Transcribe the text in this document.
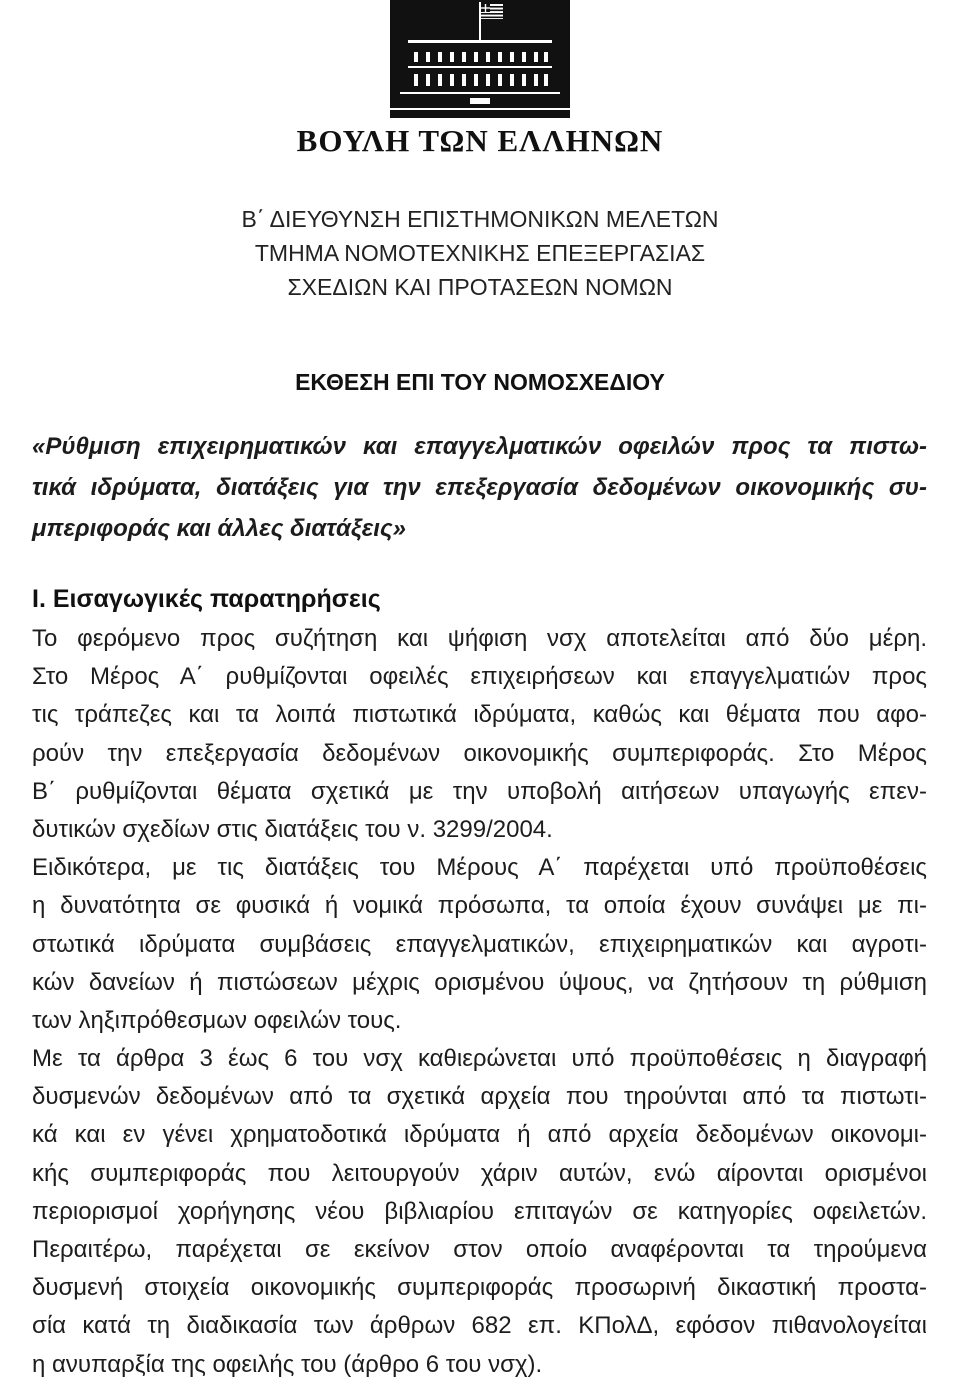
ΒΟΥΛΗ ΤΩΝ ΕΛΛΗΝΩΝ

Β΄ ΔΙΕΥΘΥΝΣΗ ΕΠΙΣΤΗΜΟΝΙΚΩΝ ΜΕΛΕΤΩΝ

ΤΜΗΜΑ ΝΟΜΟΤΕΧΝΙΚΗΣ ΕΠΕΞΕΡΓΑΣΙΑΣ

ΣΧΕΔΙΩΝ ΚΑΙ ΠΡΟΤΑΣΕΩΝ ΝΟΜΩΝ

ΕΚΘΕΣΗ ΕΠΙ ΤΟΥ ΝΟΜΟΣΧΕΔΙΟΥ
«Ρύθμιση επιχειρηματικών και επαγγελματικών οφειλών προς τα πιστω-
τικά ιδρύματα, διατάξεις για την επεξεργασία δεδομένων οικονομικής συ-
μπεριφοράς και άλλες διατάξεις»
Ι. Εισαγωγικές παρατηρήσεις
Το φερόμενο προς συζήτηση και ψήφιση νσχ αποτελείται από δύο μέρη.
Στο Μέρος Α΄ ρυθμίζονται οφειλές επιχειρήσεων και επαγγελματιών προς
τις τράπεζες και τα λοιπά πιστωτικά ιδρύματα, καθώς και θέματα που αφο-
ρούν την επεξεργασία δεδομένων οικονομικής συμπεριφοράς. Στο Μέρος
Β΄ ρυθμίζονται θέματα σχετικά με την υποβολή αιτήσεων υπαγωγής επεν-
δυτικών σχεδίων στις διατάξεις του ν. 3299/2004.
Ειδικότερα, με τις διατάξεις του Μέρους Α΄ παρέχεται υπό προϋποθέσεις
η δυνατότητα σε φυσικά ή νομικά πρόσωπα, τα οποία έχουν συνάψει με πι-
στωτικά ιδρύματα συμβάσεις επαγγελματικών, επιχειρηματικών και αγροτι-
κών δανείων ή πιστώσεων μέχρις ορισμένου ύψους, να ζητήσουν τη ρύθμιση
των ληξιπρόθεσμων οφειλών τους.
Με τα άρθρα 3 έως 6 του νσχ καθιερώνεται υπό προϋποθέσεις η διαγραφή
δυσμενών δεδομένων από τα σχετικά αρχεία που τηρούνται από τα πιστωτι-
κά και εν γένει χρηματοδοτικά ιδρύματα ή από αρχεία δεδομένων οικονομι-
κής συμπεριφοράς που λειτουργούν χάριν αυτών, ενώ αίρονται ορισμένοι
περιορισμοί χορήγησης νέου βιβλιαρίου επιταγών σε κατηγορίες οφειλετών.
Περαιτέρω, παρέχεται σε εκείνον στον οποίο αναφέρονται τα τηρούμενα
δυσμενή στοιχεία οικονομικής συμπεριφοράς προσωρινή δικαστική προστα-
σία κατά τη διαδικασία των άρθρων 682 επ. ΚΠολΔ, εφόσον πιθανολογείται
η ανυπαρξία της οφειλής του (άρθρο 6 του νσχ).
